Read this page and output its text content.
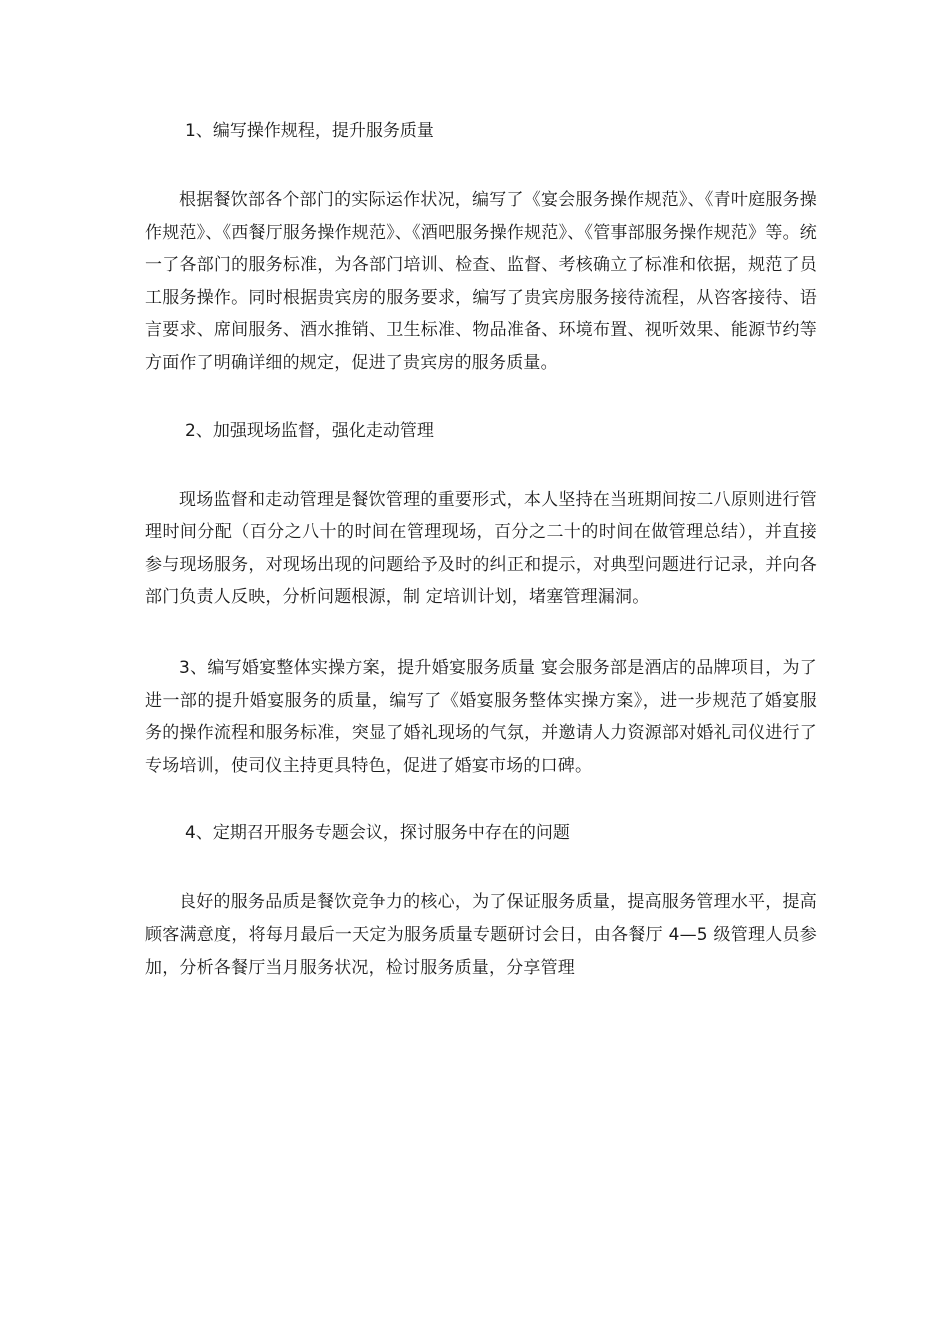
1、编写操作规程，提升服务质量

根据餐饮部各个部门的实际运作状况，编写了《宴会服务操作规范》、《青叶庭服务操作规范》、《西餐厅服务操作规范》、《酒吧服务操作规范》、《管事部服务操作规范》等。统一了各部门的服务标准，为各部门培训、检查、监督、考核确立了标准和依据，规范了员工服务操作。同时根据贵宾房的服务要求，编写了贵宾房服务接待流程，从咨客接待、语言要求、席间服务、酒水推销、卫生标准、物品准备、环境布置、视听效果、能源节约等方面作了明确详细的规定，促进了贵宾房的服务质量。

2、加强现场监督，强化走动管理

现场监督和走动管理是餐饮管理的重要形式，本人坚持在当班期间按二八原则进行管理时间分配（百分之八十的时间在管理现场，百分之二十的时间在做管理总结），并直接参与现场服务，对现场出现的问题给予及时的纠正和提示，对典型问题进行记录，并向各部门负责人反映，分析问题根源，制 定培训计划，堵塞管理漏洞。

3、编写婚宴整体实操方案，提升婚宴服务质量 宴会服务部是酒店的品牌项目，为了进一部的提升婚宴服务的质量，编写了《婚宴服务整体实操方案》，进一步规范了婚宴服务的操作流程和服务标准，突显了婚礼现场的气氛，并邀请人力资源部对婚礼司仪进行了专场培训，使司仪主持更具特色，促进了婚宴市场的口碑。

4、定期召开服务专题会议，探讨服务中存在的问题

良好的服务品质是餐饮竞争力的核心，为了保证服务质量，提高服务管理水平，提高顾客满意度，将每月最后一天定为服务质量专题研讨会日，由各餐厅 4—5 级管理人员参加，分析各餐厅当月服务状况，检讨服务质量，分享管理
